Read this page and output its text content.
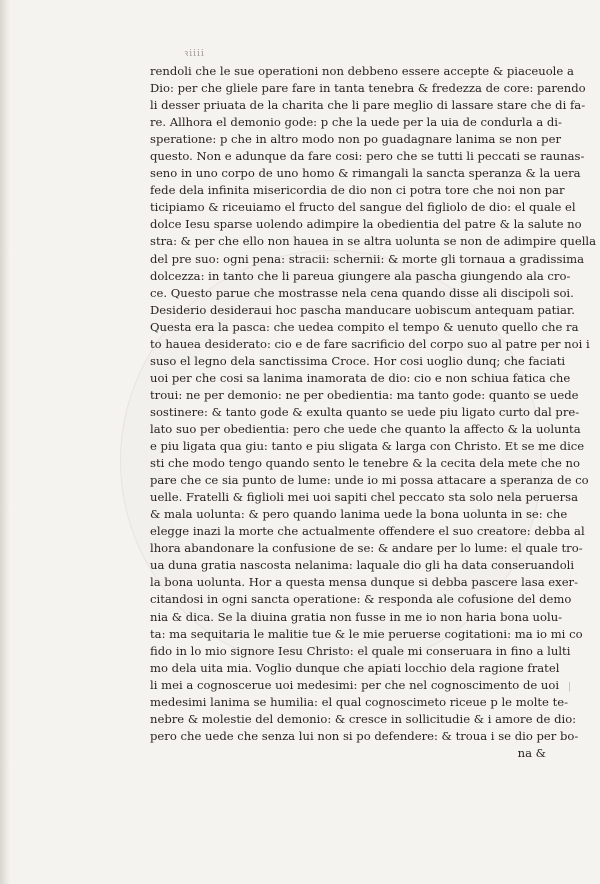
ꝛiiii
rendoli che le sue operationi non debbeno essere accepte & piaceuole a
Dio: per che gliele pare fare in tanta tenebra & fredezza de core: parendo
li desser priuata de la charita che li pare meglio di lassare stare che di fa-
re. Allhora el demonio gode: p che la uede per la uia de condurla a di-
speratione: p che in altro modo non po guadagnare lanima se non per
questo. Non e adunque da fare cosi: pero che se tutti li peccati se raunas-
seno in uno corpo de uno homo & rimangali la sancta speranza & la uera
fede dela infinita misericordia de dio non ci potra tore che noi non par
ticipiamo & riceuiamo el fructo del sangue del figliolo de dio: el quale el
dolce Iesu sparse uolendo adimpire la obedientia del patre & la salute no
stra: & per che ello non hauea in se altra uolunta se non de adimpire quella
del pre suo: ogni pena: stracii: schernii: & morte gli tornaua a gradissima
dolcezza: in tanto che li pareua giungere ala pascha giungendo ala cro-
ce. Questo parue che mostrasse nela cena quando disse ali discipoli soi.
Desiderio desideraui hoc pascha manducare uobiscum antequam patiar.
Questa era la pasca: che uedea compito el tempo & uenuto quello che ra
to hauea desiderato: cio e de fare sacrificio del corpo suo al patre per noi i
suso el legno dela sanctissima Croce. Hor cosi uoglio dunq; che faciati
uoi per che cosi sa lanima inamorata de dio: cio e non schiua fatica che
troui: ne per demonio: ne per obedientia: ma tanto gode: quanto se uede
sostinere: & tanto gode & exulta quanto se uede piu ligato curto dal pre-
lato suo per obedientia: pero che uede che quanto la affecto & la uolunta
e piu ligata qua giu: tanto e piu sligata & larga con Christo. Et se me dice
sti che modo tengo quando sento le tenebre & la cecita dela mete che no
pare che ce sia punto de lume: unde io mi possa attacare a speranza de co
uelle. Fratelli & figlioli mei uoi sapiti chel peccato sta solo nela peruersa
& mala uolunta: & pero quando lanima uede la bona uolunta in se: che
elegge inazi la morte che actualmente offendere el suo creatore: debba al
lhora abandonare la confusione de se: & andare per lo lume: el quale tro-
ua duna gratia nascosta nelanima: laquale dio gli ha data conseruandoli
la bona uolunta. Hor a questa mensa dunque si debba pascere lasa exer-
citandosi in ogni sancta operatione: & responda ale cofusione del demo
nia & dica. Se la diuina gratia non fusse in me io non haria bona uolu-
ta: ma sequitaria le malitie tue & le mie peruerse cogitationi: ma io mi co
fido in lo mio signore Iesu Christo: el quale mi conseruara in fino a lulti
mo dela uita mia. Voglio dunque che apiati locchio dela ragione fratel
li mei a cognoscerue uoi medesimi: per che nel cognoscimento de uoi
medesimi lanima se humilia: el qual cognoscimeto riceue p le molte te-
nebre & molestie del demonio: & cresce in sollicitudie & i amore de dio:
pero che uede che senza lui non si po defendere: & troua i se dio per bo-
na &
|
